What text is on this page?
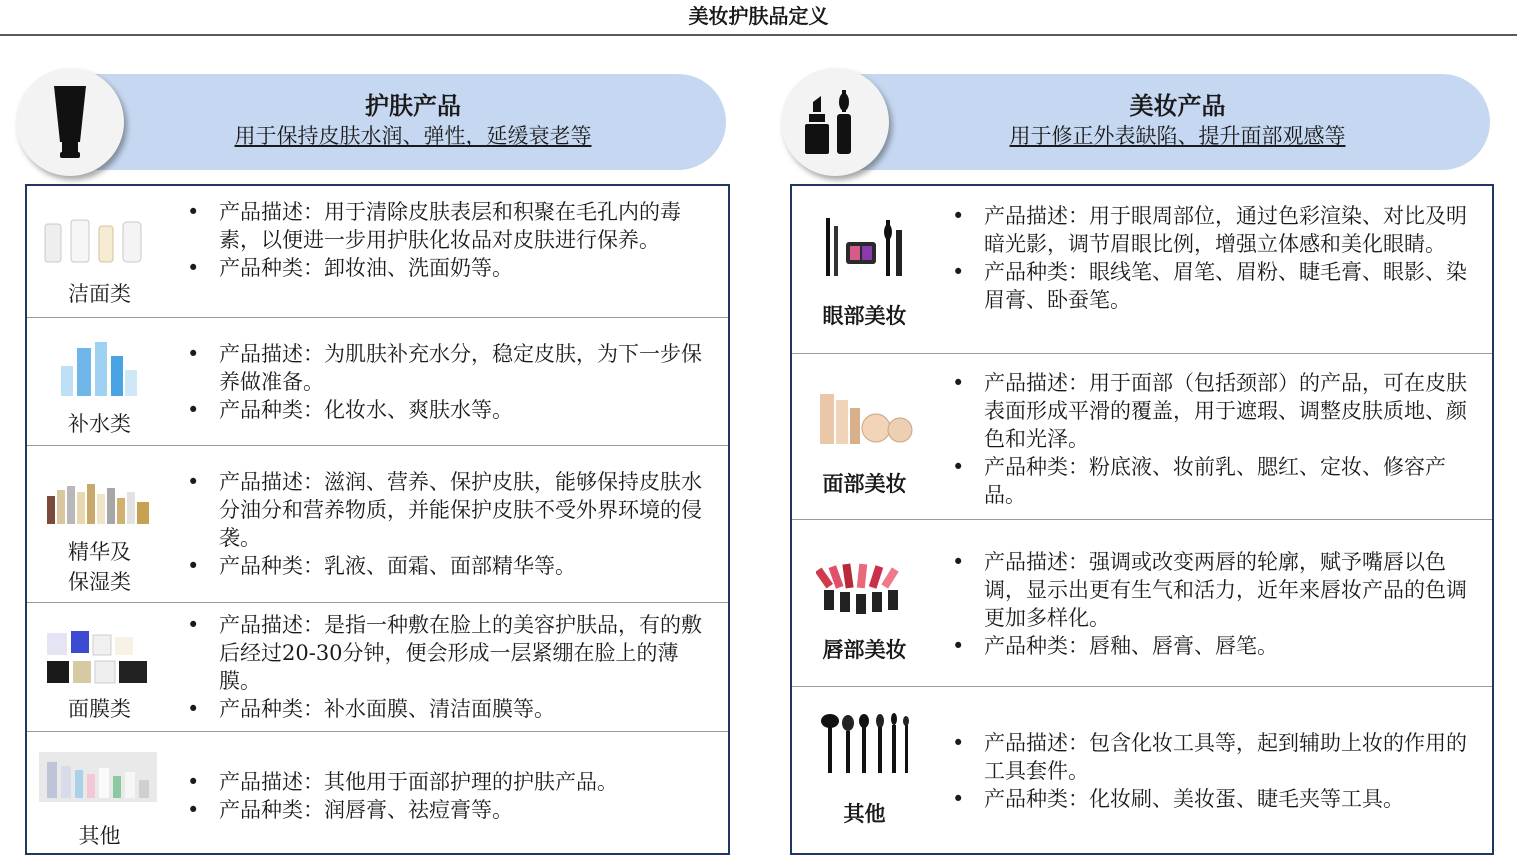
美妆护肤品定义
护肤产品
用于保持皮肤水润、弹性，延缓衰老等
美妆产品
用于修正外表缺陷、提升面部观感等
洁面类
• 产品描述：用于清除皮肤表层和积聚在毛孔内的毒素，以便进一步用护肤化妆品对皮肤进行保养。
• 产品种类：卸妆油、洗面奶等。
补水类
• 产品描述：为肌肤补充水分，稳定皮肤，为下一步保养做准备。
• 产品种类：化妆水、爽肤水等。
精华及
保湿类
• 产品描述：滋润、营养、保护皮肤，能够保持皮肤水分油分和营养物质，并能保护皮肤不受外界环境的侵袭。
• 产品种类：乳液、面霜、面部精华等。
面膜类
• 产品描述：是指一种敷在脸上的美容护肤品，有的敷后经过20-30分钟，便会形成一层紧绷在脸上的薄膜。
• 产品种类：补水面膜、清洁面膜等。
其他
• 产品描述：其他用于面部护理的护肤产品。
• 产品种类：润唇膏、祛痘膏等。
眼部美妆
• 产品描述：用于眼周部位，通过色彩渲染、对比及明暗光影，调节眉眼比例，增强立体感和美化眼睛。
• 产品种类：眼线笔、眉笔、眉粉、睫毛膏、眼影、染眉膏、卧蚕笔。
面部美妆
• 产品描述：用于面部（包括颈部）的产品，可在皮肤表面形成平滑的覆盖，用于遮瑕、调整皮肤质地、颜色和光泽。
• 产品种类：粉底液、妆前乳、腮红、定妆、修容产品。
唇部美妆
• 产品描述：强调或改变两唇的轮廓，赋予嘴唇以色调，显示出更有生气和活力，近年来唇妆产品的色调更加多样化。
• 产品种类：唇釉、唇膏、唇笔。
其他
• 产品描述：包含化妆工具等，起到辅助上妆的作用的工具套件。
• 产品种类：化妆刷、美妆蛋、睫毛夹等工具。
